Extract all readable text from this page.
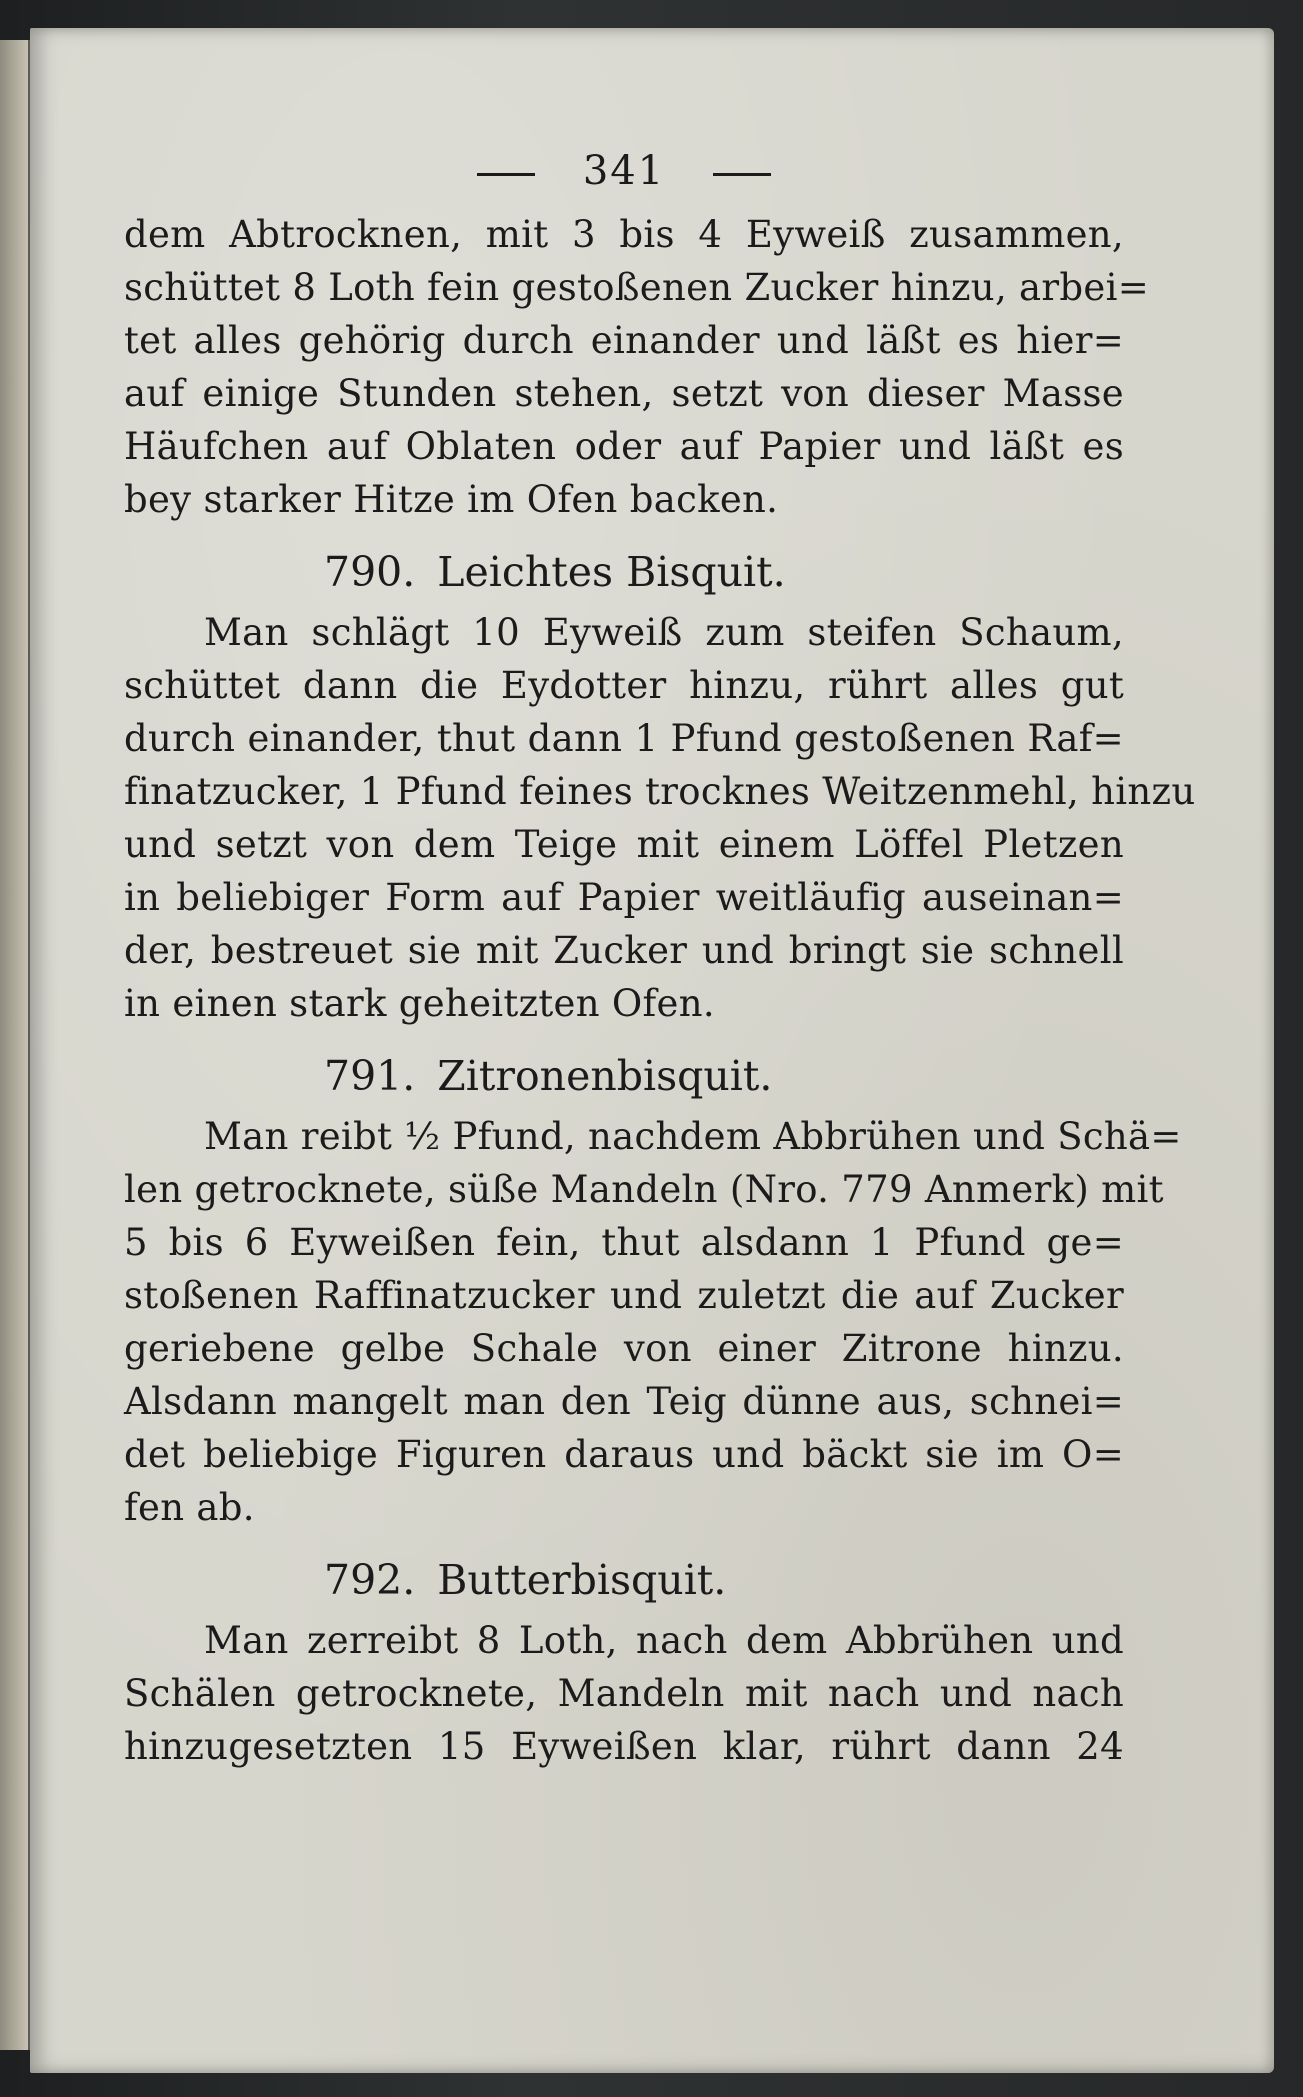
341
dem Abtrocknen, mit 3 bis 4 Eyweiß zusammen,
schüttet 8 Loth fein gestoßenen Zucker hinzu, arbei=
tet alles gehörig durch einander und läßt es hier=
auf einige Stunden stehen, setzt von dieser Masse
Häufchen auf Oblaten oder auf Papier und läßt es
bey starker Hitze im Ofen backen.
790. Leichtes Bisquit.
Man schlägt 10 Eyweiß zum steifen Schaum,
schüttet dann die Eydotter hinzu, rührt alles gut
durch einander, thut dann 1 Pfund gestoßenen Raf=
finatzucker, 1 Pfund feines trocknes Weitzenmehl, hinzu
und setzt von dem Teige mit einem Löffel Pletzen
in beliebiger Form auf Papier weitläufig auseinan=
der, bestreuet sie mit Zucker und bringt sie schnell
in einen stark geheitzten Ofen.
791. Zitronenbisquit.
Man reibt ½ Pfund, nachdem Abbrühen und Schä=
len getrocknete, süße Mandeln (Nro. 779 Anmerk) mit
5 bis 6 Eyweißen fein, thut alsdann 1 Pfund ge=
stoßenen Raffinatzucker und zuletzt die auf Zucker
geriebene gelbe Schale von einer Zitrone hinzu.
Alsdann mangelt man den Teig dünne aus, schnei=
det beliebige Figuren daraus und bäckt sie im O=
fen ab.
792. Butterbisquit.
Man zerreibt 8 Loth, nach dem Abbrühen und
Schälen getrocknete, Mandeln mit nach und nach
hinzugesetzten 15 Eyweißen klar, rührt dann 24
